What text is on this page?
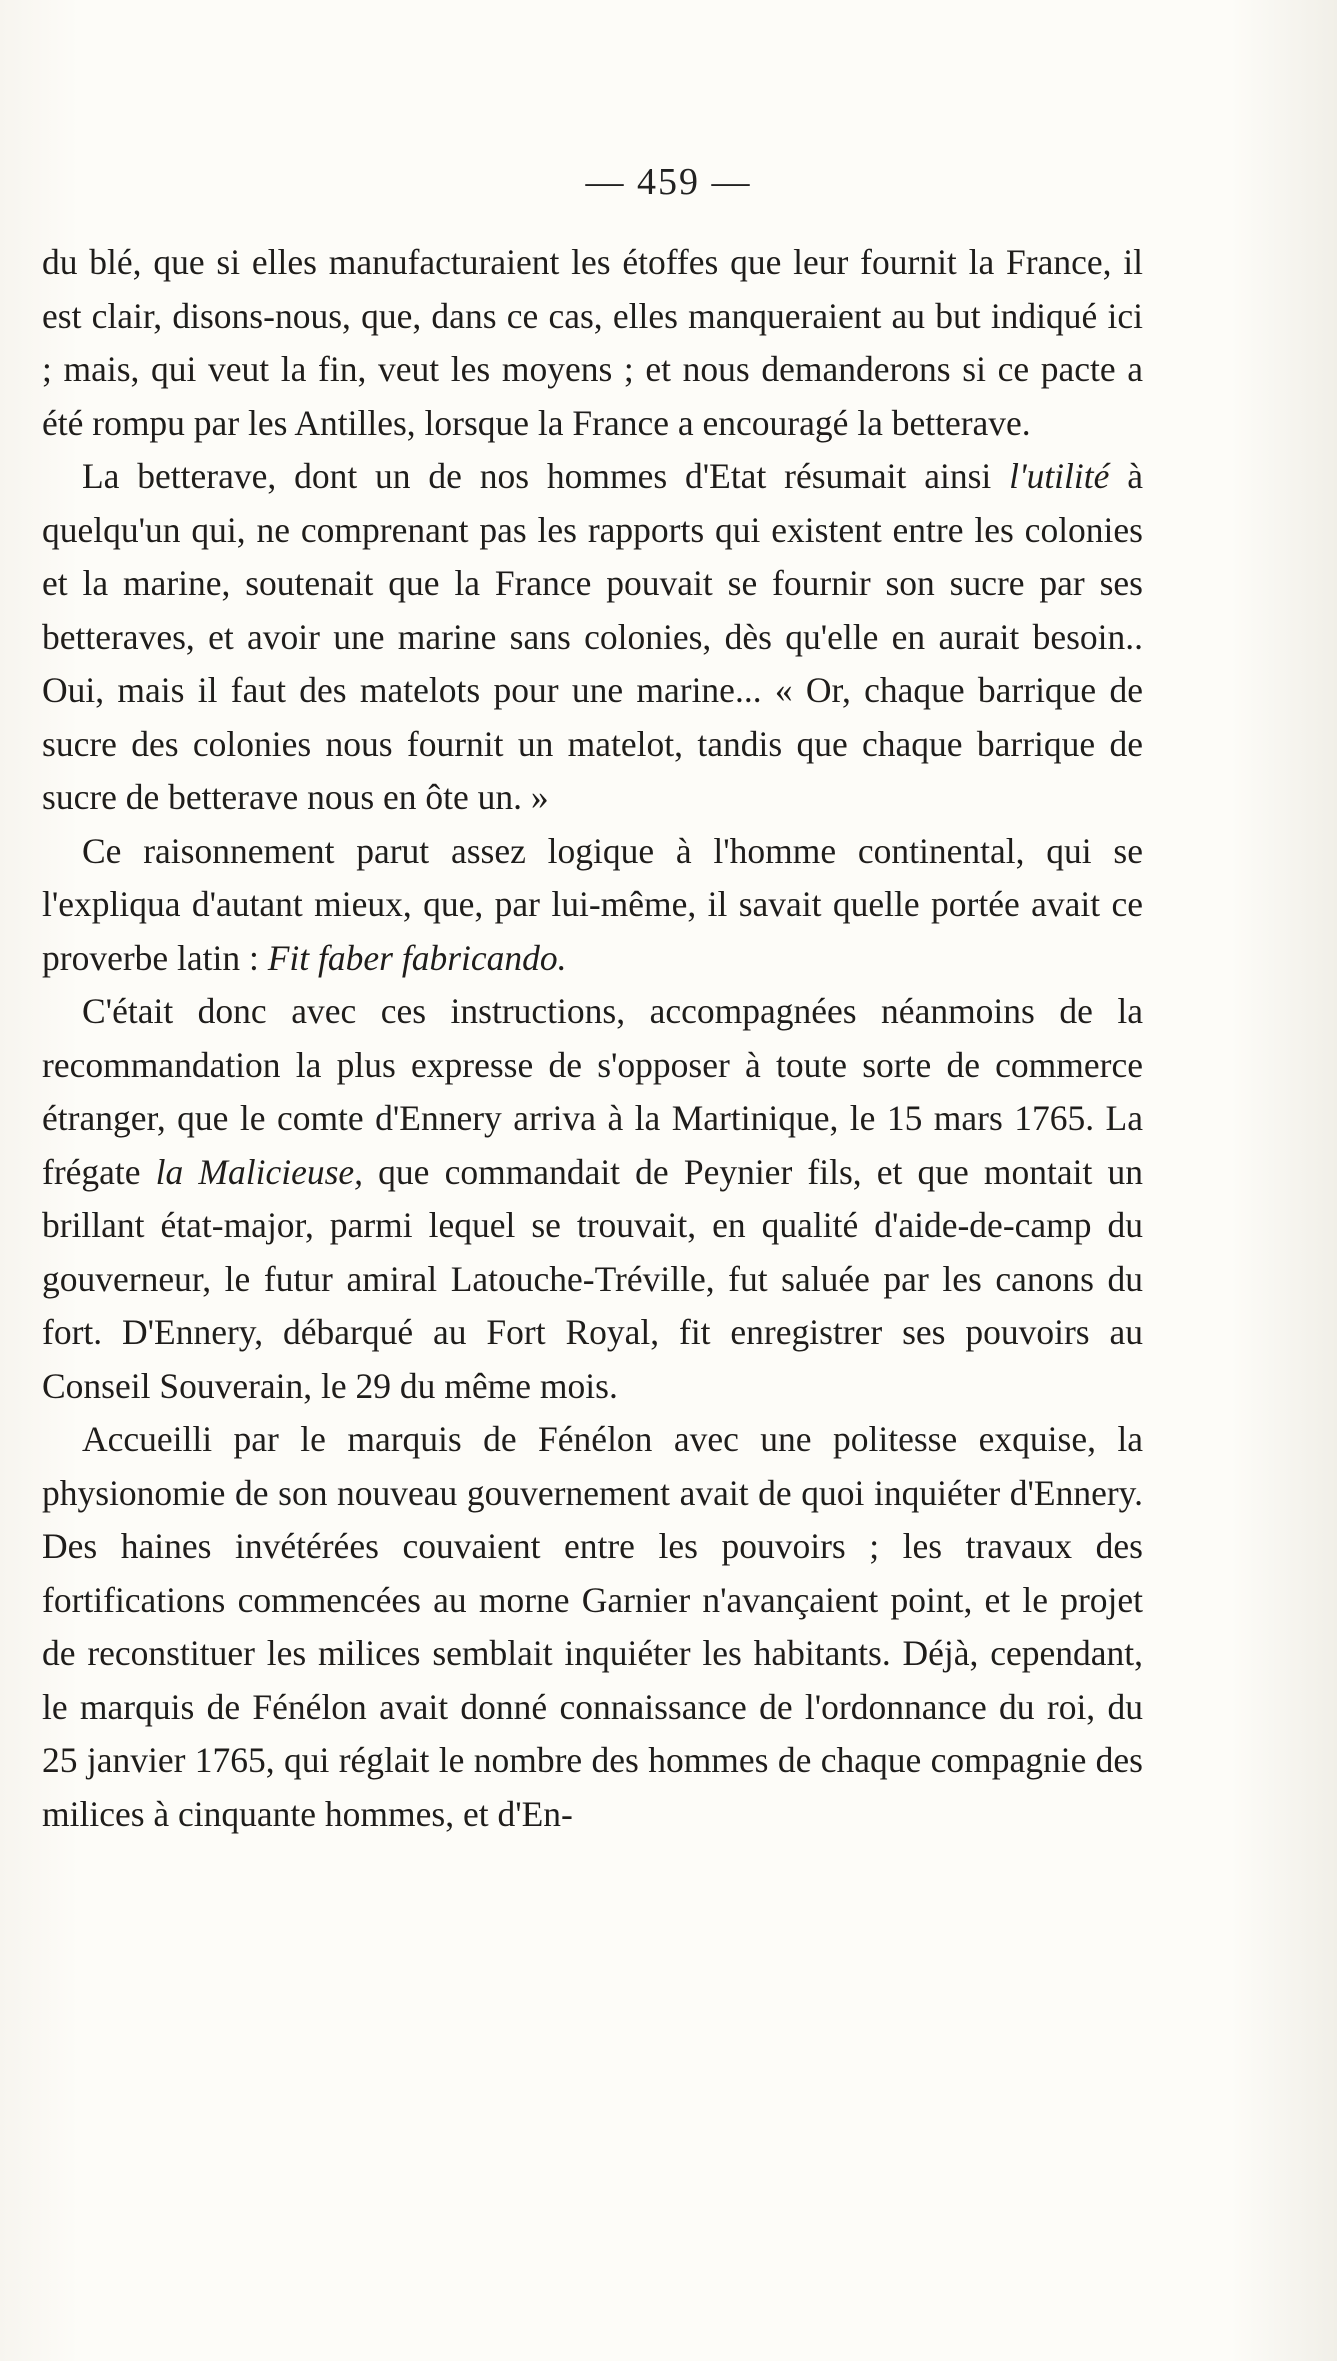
— 459 —

du blé, que si elles manufacturaient les étoffes que leur fournit la France, il est clair, disons-nous, que, dans ce cas, elles manqueraient au but indiqué ici ; mais, qui veut la fin, veut les moyens ; et nous demanderons si ce pacte a été rompu par les Antilles, lorsque la France a encouragé la betterave.

La betterave, dont un de nos hommes d'Etat résumait ainsi l'utilité à quelqu'un qui, ne comprenant pas les rapports qui existent entre les colonies et la marine, soutenait que la France pouvait se fournir son sucre par ses betteraves, et avoir une marine sans colonies, dès qu'elle en aurait besoin.. Oui, mais il faut des matelots pour une marine... « Or, chaque barrique de sucre des colonies nous fournit un matelot, tandis que chaque barrique de sucre de betterave nous en ôte un. »

Ce raisonnement parut assez logique à l'homme continental, qui se l'expliqua d'autant mieux, que, par lui-même, il savait quelle portée avait ce proverbe latin : Fit faber fabricando.

C'était donc avec ces instructions, accompagnées néanmoins de la recommandation la plus expresse de s'opposer à toute sorte de commerce étranger, que le comte d'Ennery arriva à la Martinique, le 15 mars 1765. La frégate la Malicieuse, que commandait de Peynier fils, et que montait un brillant état-major, parmi lequel se trouvait, en qualité d'aide-de-camp du gouverneur, le futur amiral Latouche-Tréville, fut saluée par les canons du fort. D'Ennery, débarqué au Fort Royal, fit enregistrer ses pouvoirs au Conseil Souverain, le 29 du même mois.

Accueilli par le marquis de Fénélon avec une politesse exquise, la physionomie de son nouveau gouvernement avait de quoi inquiéter d'Ennery. Des haines invétérées couvaient entre les pouvoirs ; les travaux des fortifications commencées au morne Garnier n'avançaient point, et le projet de reconstituer les milices semblait inquiéter les habitants. Déjà, cependant, le marquis de Fénélon avait donné connaissance de l'ordonnance du roi, du 25 janvier 1765, qui réglait le nombre des hommes de chaque compagnie des milices à cinquante hommes, et d'En-
